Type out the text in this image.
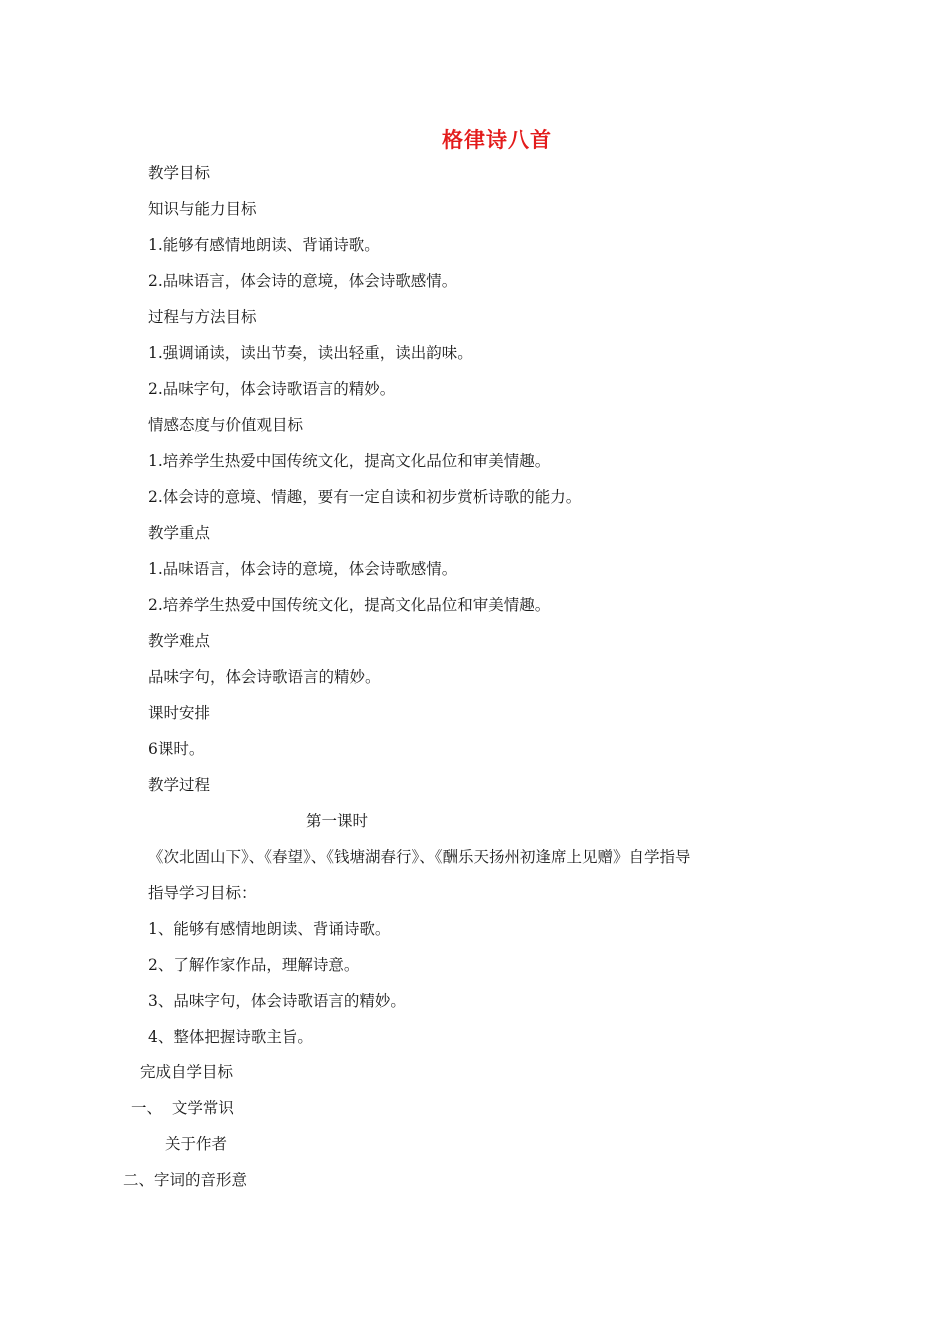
格律诗八首
教学目标
知识与能力目标
1.能够有感情地朗读、背诵诗歌。
2.品味语言，体会诗的意境，体会诗歌感情。
过程与方法目标
1.强调诵读，读出节奏，读出轻重，读出韵味。
2.品味字句，体会诗歌语言的精妙。
情感态度与价值观目标
1.培养学生热爱中国传统文化，提高文化品位和审美情趣。
2.体会诗的意境、情趣，要有一定自读和初步赏析诗歌的能力。
教学重点
1.品味语言，体会诗的意境，体会诗歌感情。
2.培养学生热爱中国传统文化，提高文化品位和审美情趣。
教学难点
品味字句，体会诗歌语言的精妙。
课时安排
6课时。
教学过程
第一课时
《次北固山下》、《春望》、《钱塘湖春行》、《酬乐天扬州初逢席上见赠》自学指导
指导学习目标：
1、能够有感情地朗读、背诵诗歌。
2、了解作家作品，理解诗意。
3、品味字句，体会诗歌语言的精妙。
4、整体把握诗歌主旨。
完成自学目标
一、  文学常识
关于作者
二、字词的音形意
